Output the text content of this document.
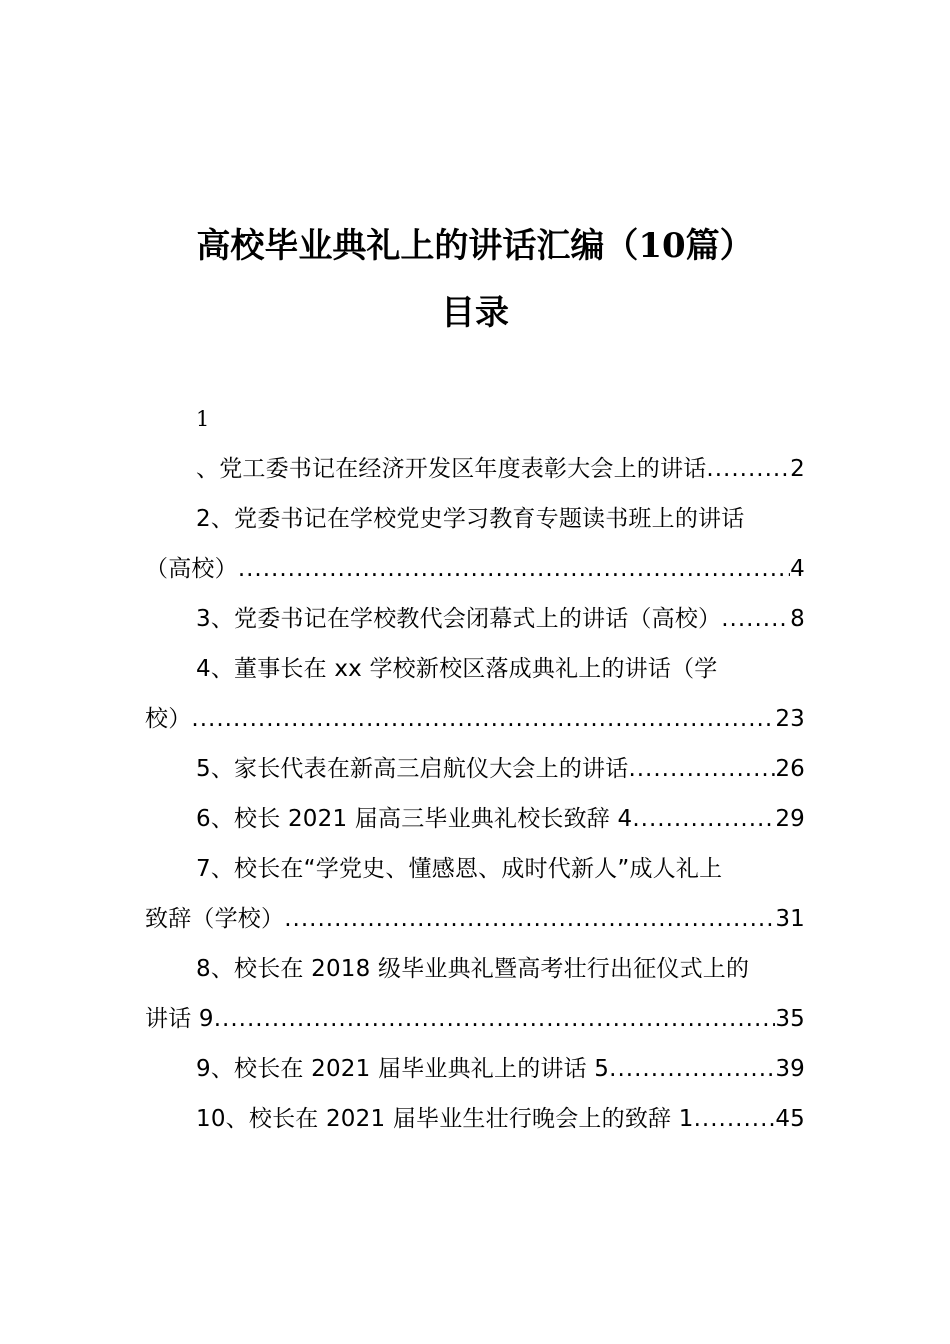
高校毕业典礼上的讲话汇编（10篇）
目录
1
、党工委书记在经济开发区年度表彰大会上的讲话 .....	2
2、党委书记在学校党史学习教育专题读书班上的讲话
（高校） .....	4
3、党委书记在学校教代会闭幕式上的讲话（高校） .....	8
4、董事长在 xx 学校新校区落成典礼上的讲话（学
校） .....	23
5、家长代表在新高三启航仪大会上的讲话 .....	26
6、校长 2021 届高三毕业典礼校长致辞 4 .....	29
7、校长在“学党史、懂感恩、成时代新人”成人礼上
致辞（学校） .....	31
8、校长在 2018 级毕业典礼暨高考壮行出征仪式上的
讲话 9 .....	35
9、校长在 2021 届毕业典礼上的讲话 5 .....	39
10、校长在 2021 届毕业生壮行晚会上的致辞 1 .....	45
